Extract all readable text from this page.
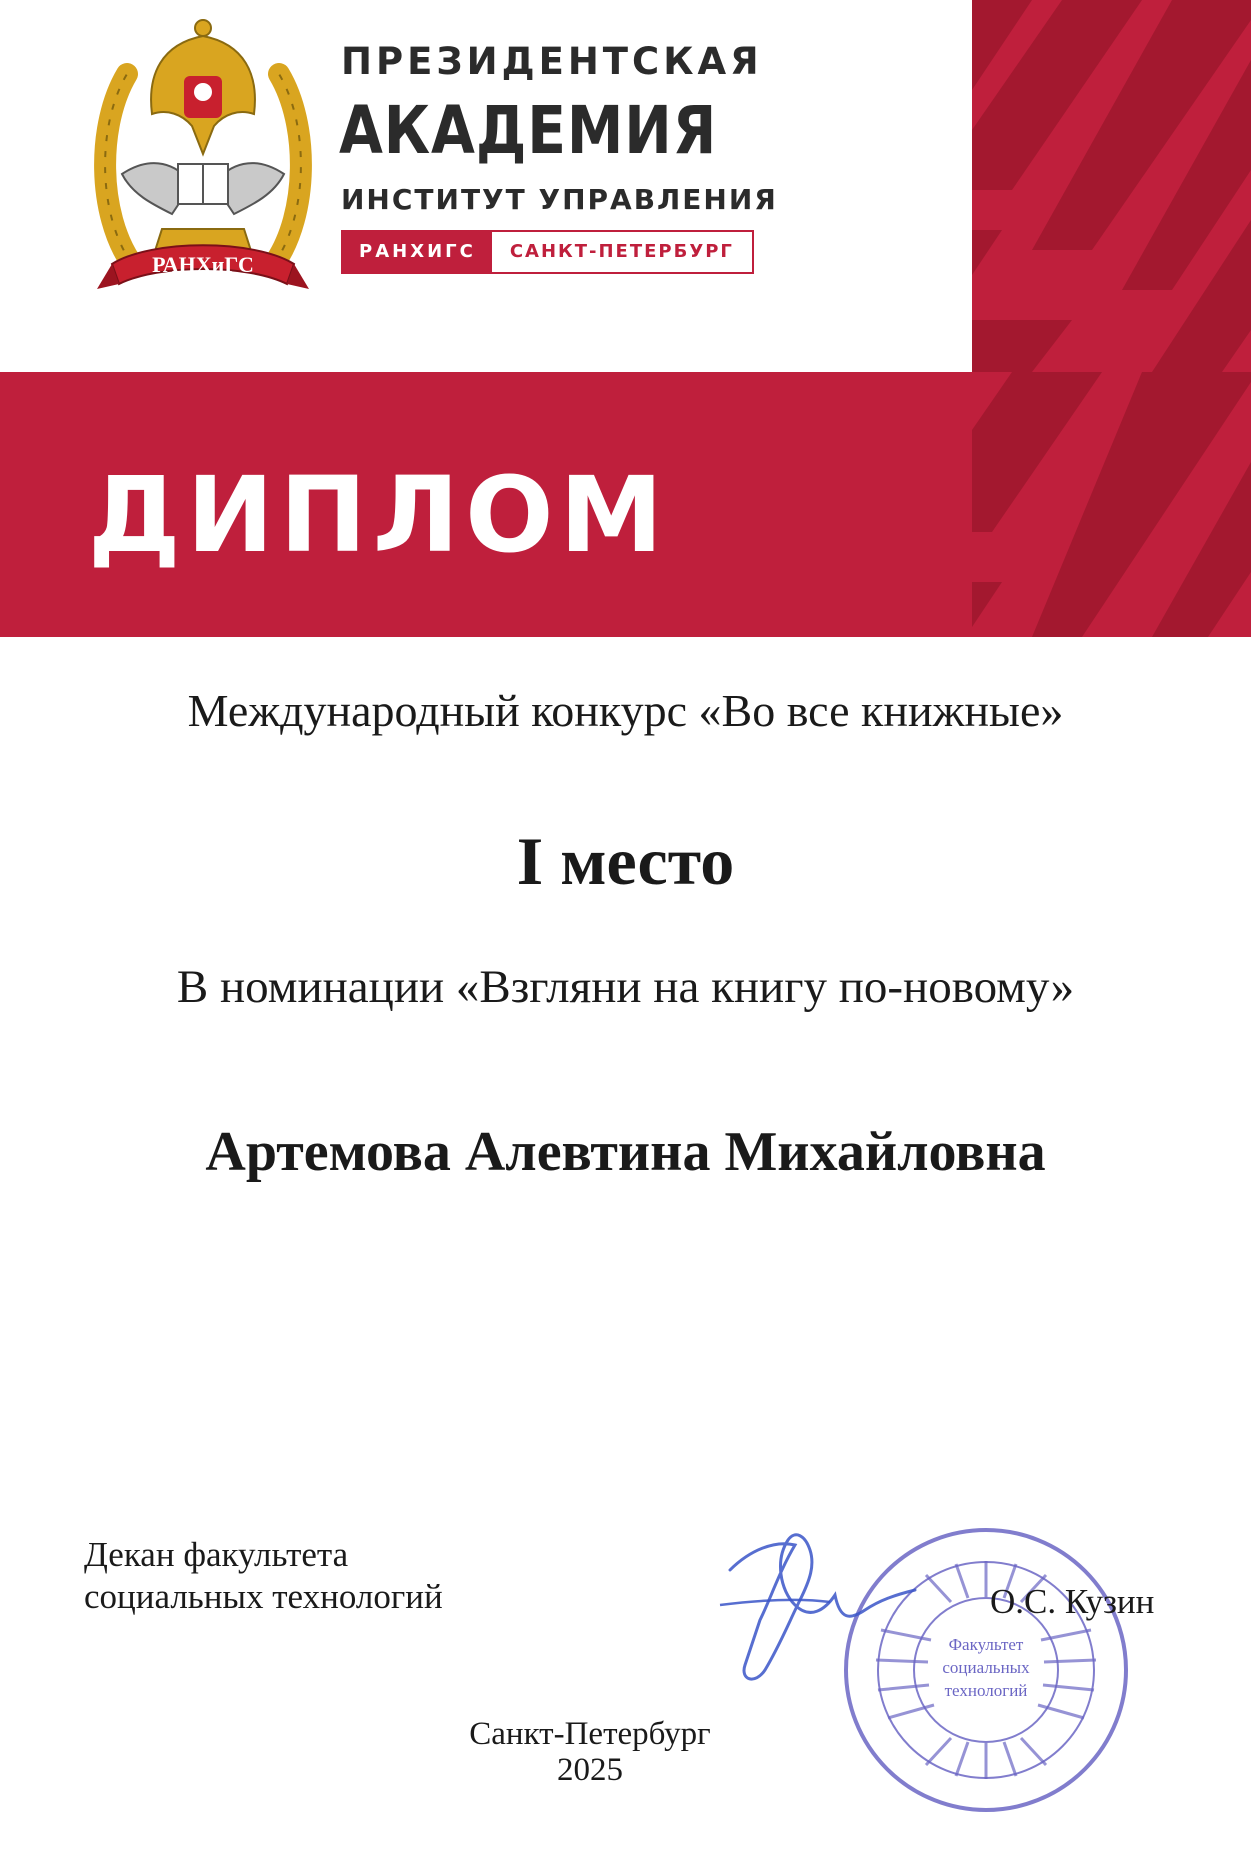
РАНХиГС
ПРЕЗИДЕНТСКАЯ
АКАДЕМИЯ
ИНСТИТУТ УПРАВЛЕНИЯ
РАНХИГС	САНКТ-ПЕТЕРБУРГ
ДИПЛОМ
Международный конкурс «Во все книжные»
I место
В номинации «Взгляни на книгу по-новому»
Артемова Алевтина Михайловна
Декан факультета
социальных технологий
Факультет
социальных
технологий
О.С. Кузин
Санкт-Петербург
2025
